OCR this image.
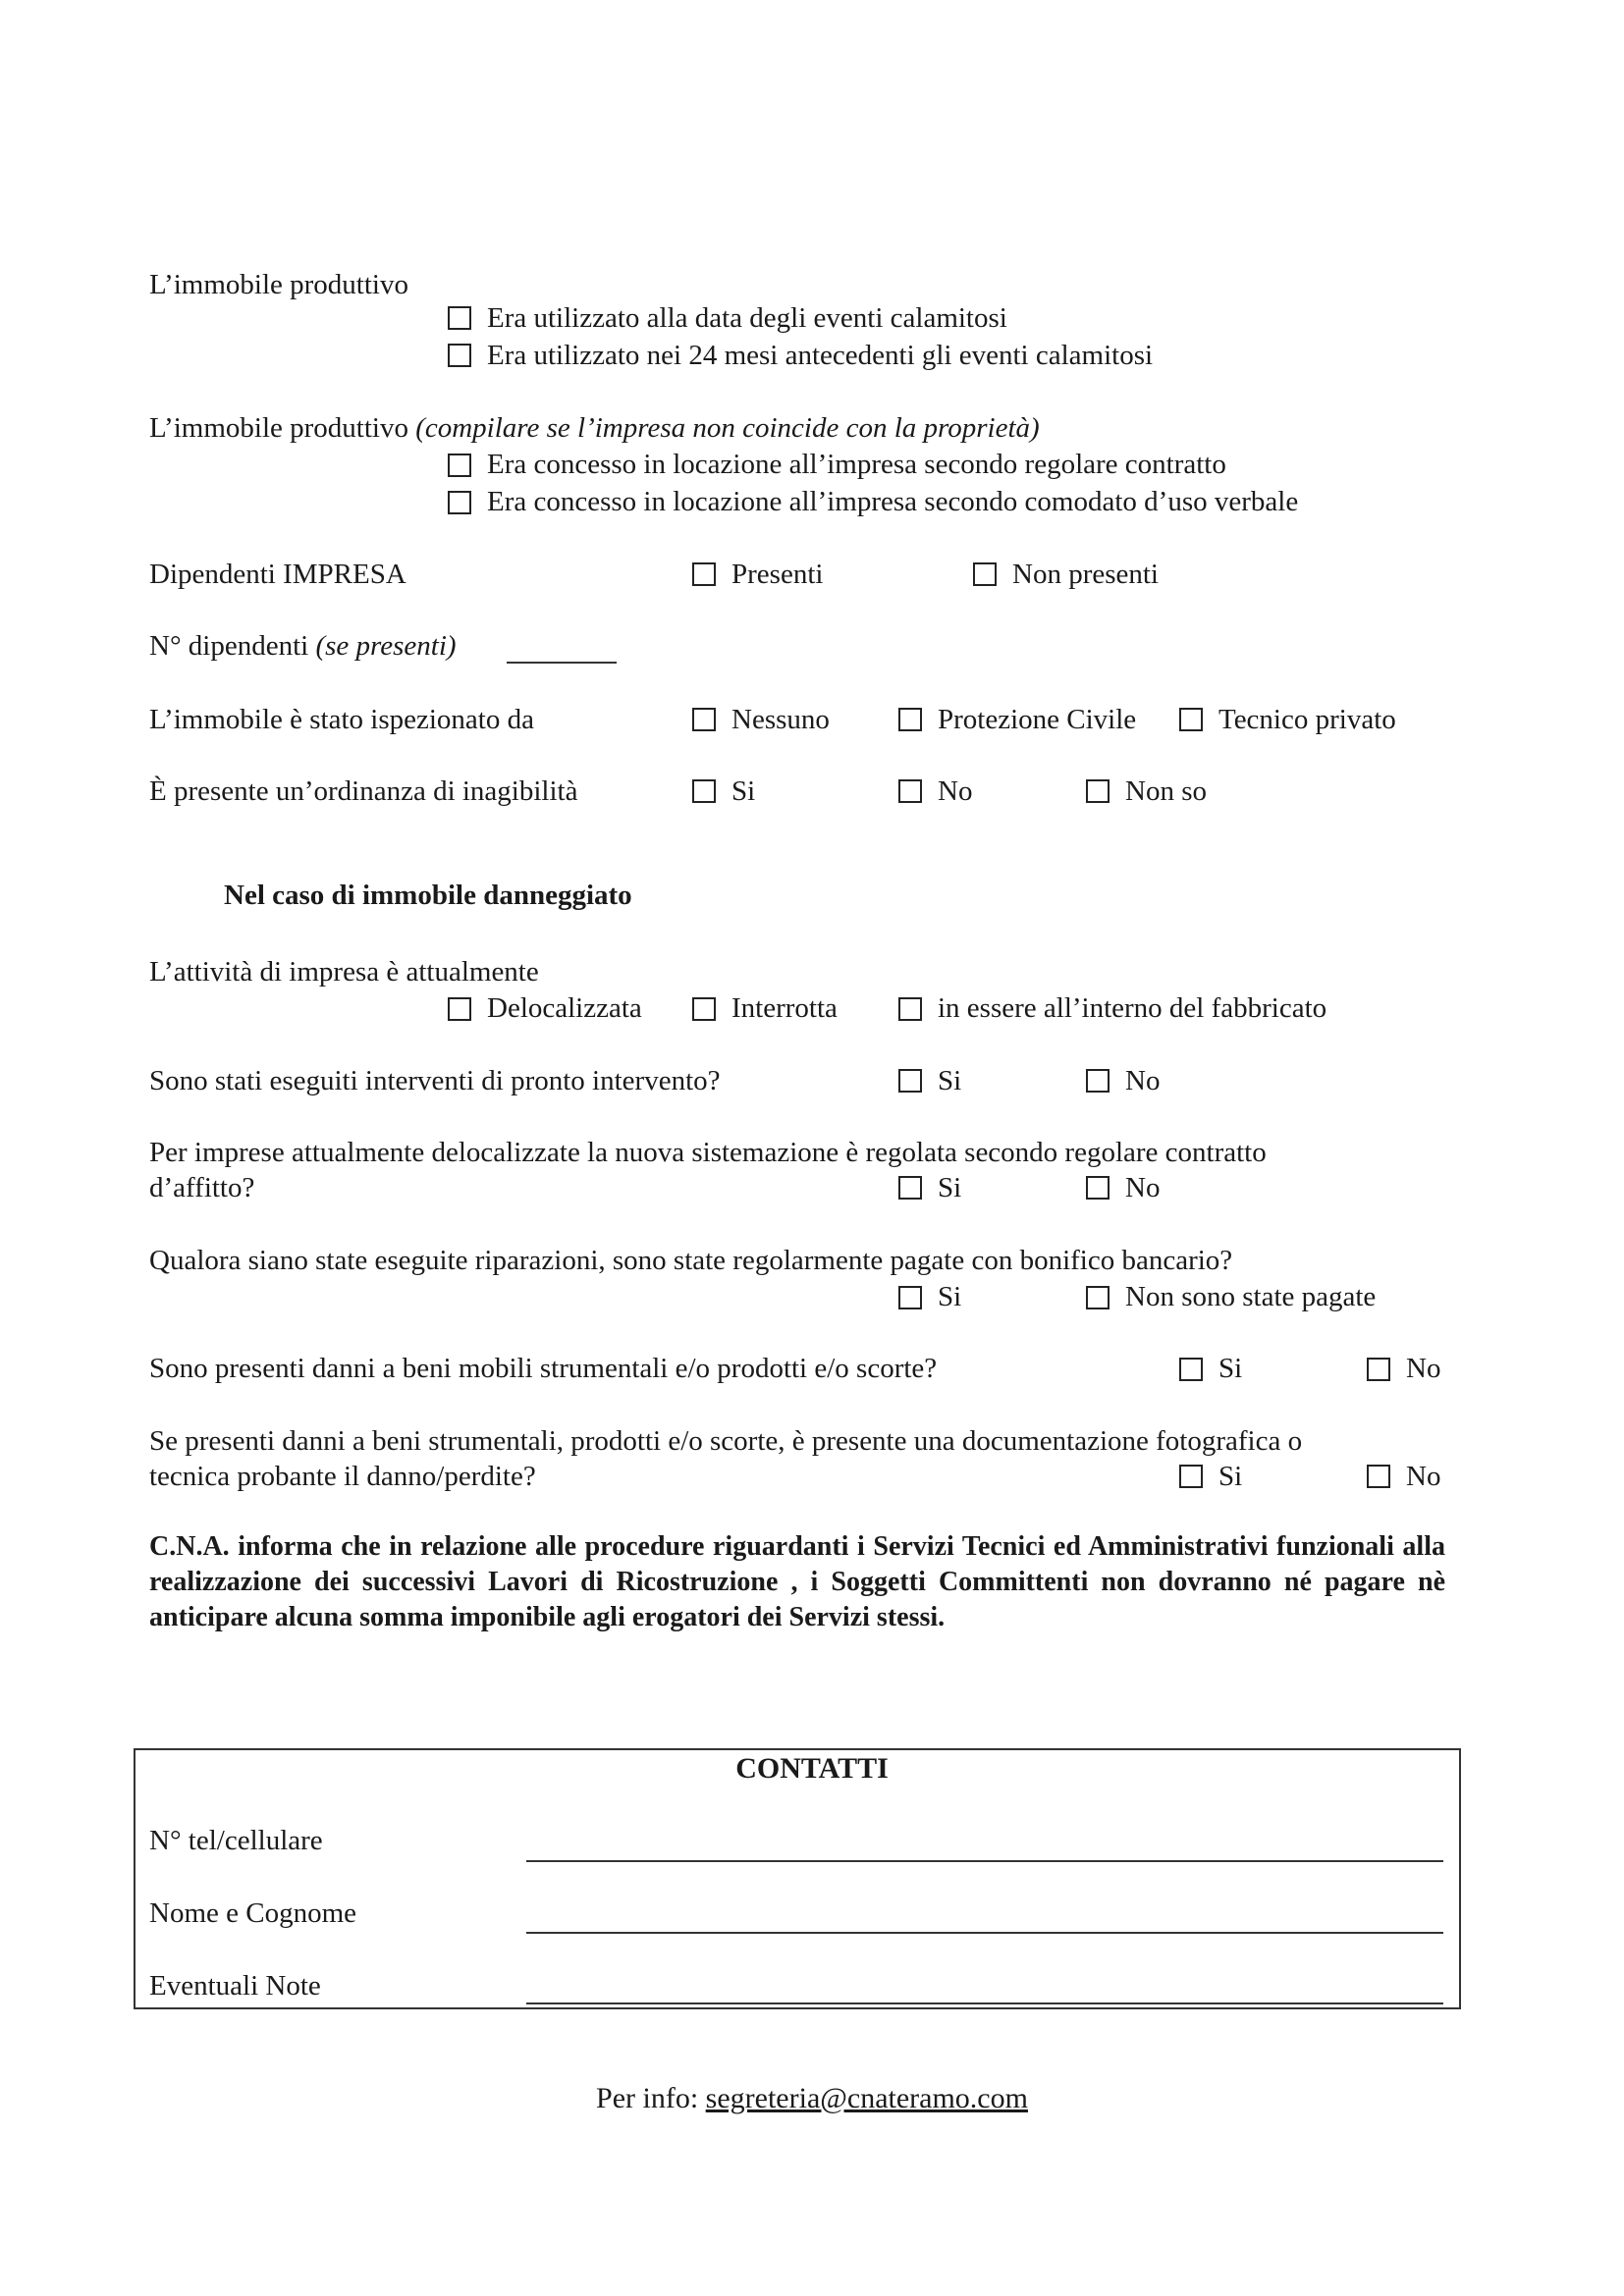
L’immobile produttivo
Era utilizzato alla data degli eventi calamitosi
Era utilizzato nei 24 mesi antecedenti gli eventi calamitosi
L’immobile produttivo (compilare se l’impresa non coincide con la proprietà)
Era concesso in locazione all’impresa secondo regolare contratto
Era concesso in locazione all’impresa secondo comodato d’uso verbale
Dipendenti IMPRESA	Presenti	Non presenti
N° dipendenti (se presenti)
L’immobile è stato ispezionato da	Nessuno	Protezione Civile	Tecnico privato
È presente un’ordinanza di inagibilità	Si	No	Non so
Nel caso di immobile danneggiato
L’attività di impresa è attualmente
Delocalizzata	Interrotta	in essere all’interno del fabbricato
Sono stati eseguiti interventi di pronto intervento?	Si	No
Per imprese attualmente delocalizzate la nuova sistemazione è regolata secondo regolare contratto
d’affitto?	Si	No
Qualora siano state eseguite riparazioni, sono state regolarmente pagate con bonifico bancario?
Si	Non sono state pagate
Sono presenti danni a beni mobili strumentali e/o prodotti e/o scorte?	Si	No
Se presenti danni a beni strumentali, prodotti e/o scorte, è presente una documentazione fotografica o
tecnica probante il danno/perdite?	Si	No
C.N.A. informa che in relazione alle procedure riguardanti i Servizi Tecnici ed Amministrativi funzionali alla realizzazione dei successivi Lavori di Ricostruzione , i Soggetti Committenti non dovranno né pagare nè anticipare alcuna somma imponibile agli erogatori dei Servizi stessi.
CONTATTI
N° tel/cellulare
Nome e Cognome
Eventuali Note
Per info: segreteria@cnateramo.com
